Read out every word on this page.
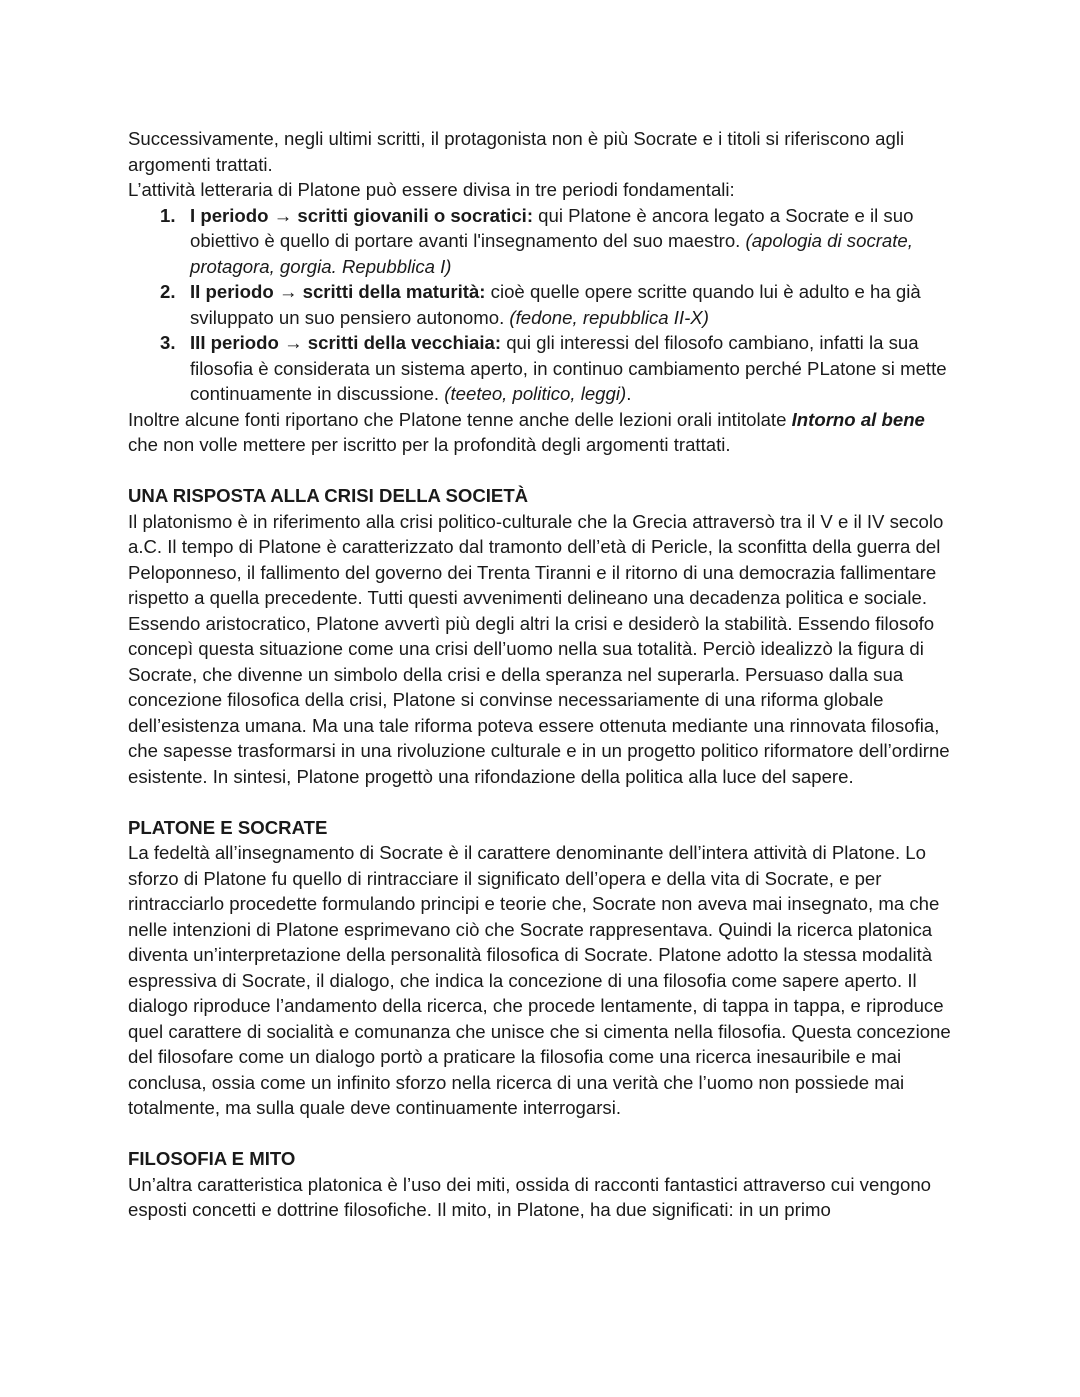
Successivamente, negli ultimi scritti, il protagonista non è più Socrate e i titoli si riferiscono agli argomenti trattati.

L’attività letteraria di Platone può essere divisa in tre periodi fondamentali:

1. I periodo → scritti giovanili o socratici: qui Platone è ancora legato a Socrate e il suo obiettivo è quello di portare avanti l'insegnamento del suo maestro. (apologia di socrate, protagora, gorgia. Repubblica I)
2. II periodo → scritti della maturità: cioè quelle opere scritte quando lui è adulto e ha già sviluppato un suo pensiero autonomo. (fedone, repubblica II-X)
3. III periodo → scritti della vecchiaia: qui gli interessi del filosofo cambiano, infatti la sua filosofia è considerata un sistema aperto, in continuo cambiamento perché PLatone si mette continuamente in discussione. (teeteo, politico, leggi).

Inoltre alcune fonti riportano che Platone tenne anche delle lezioni orali intitolate Intorno al bene che non volle mettere per iscritto per la profondità degli argomenti trattati.

UNA RISPOSTA ALLA CRISI DELLA SOCIETÀ

Il platonismo è in riferimento alla crisi politico-culturale che la Grecia attraversò tra il V e il IV secolo a.C. Il tempo di Platone è caratterizzato dal tramonto dell’età di Pericle, la sconfitta della guerra del Peloponneso, il fallimento del governo dei Trenta Tiranni e il ritorno di una democrazia fallimentare rispetto a quella precedente. Tutti questi avvenimenti delineano una decadenza politica e sociale. Essendo aristocratico, Platone avvertì più degli altri la crisi e desiderò la stabilità. Essendo filosofo concepì questa situazione come una crisi dell’uomo nella sua totalità. Perciò idealizzò la figura di Socrate, che divenne un simbolo della crisi e della speranza nel superarla. Persuaso dalla sua concezione filosofica della crisi, Platone si convinse necessariamente di una riforma globale dell’esistenza umana. Ma una tale riforma poteva essere ottenuta mediante una rinnovata filosofia, che sapesse trasformarsi in una rivoluzione culturale e in un progetto politico riformatore dell’ordirne esistente. In sintesi, Platone progettò una rifondazione della politica alla luce del sapere.

PLATONE E SOCRATE

La fedeltà all’insegnamento di Socrate è il carattere denominante dell’intera attività di Platone. Lo sforzo di Platone fu quello di rintracciare il significato dell’opera e della vita di Socrate, e per rintracciarlo procedette formulando principi e teorie che, Socrate non aveva mai insegnato, ma che nelle intenzioni di Platone esprimevano ciò che Socrate rappresentava. Quindi la ricerca platonica diventa un’interpretazione della personalità filosofica di Socrate. Platone adotto la stessa modalità espressiva di Socrate, il dialogo, che indica la concezione di una filosofia come sapere aperto. Il dialogo riproduce l’andamento della ricerca, che procede lentamente, di tappa in tappa, e riproduce quel carattere di socialità e comunanza che unisce che si cimenta nella filosofia. Questa concezione del filosofare come un dialogo portò a praticare la filosofia come una ricerca inesauribile e mai conclusa, ossia come un infinito sforzo nella ricerca di una verità che l’uomo non possiede mai totalmente, ma sulla quale deve continuamente interrogarsi.

FILOSOFIA E MITO

Un’altra caratteristica platonica è l’uso dei miti, ossida di racconti fantastici attraverso cui vengono esposti concetti e dottrine filosofiche. Il mito, in Platone, ha due significati: in un primo
